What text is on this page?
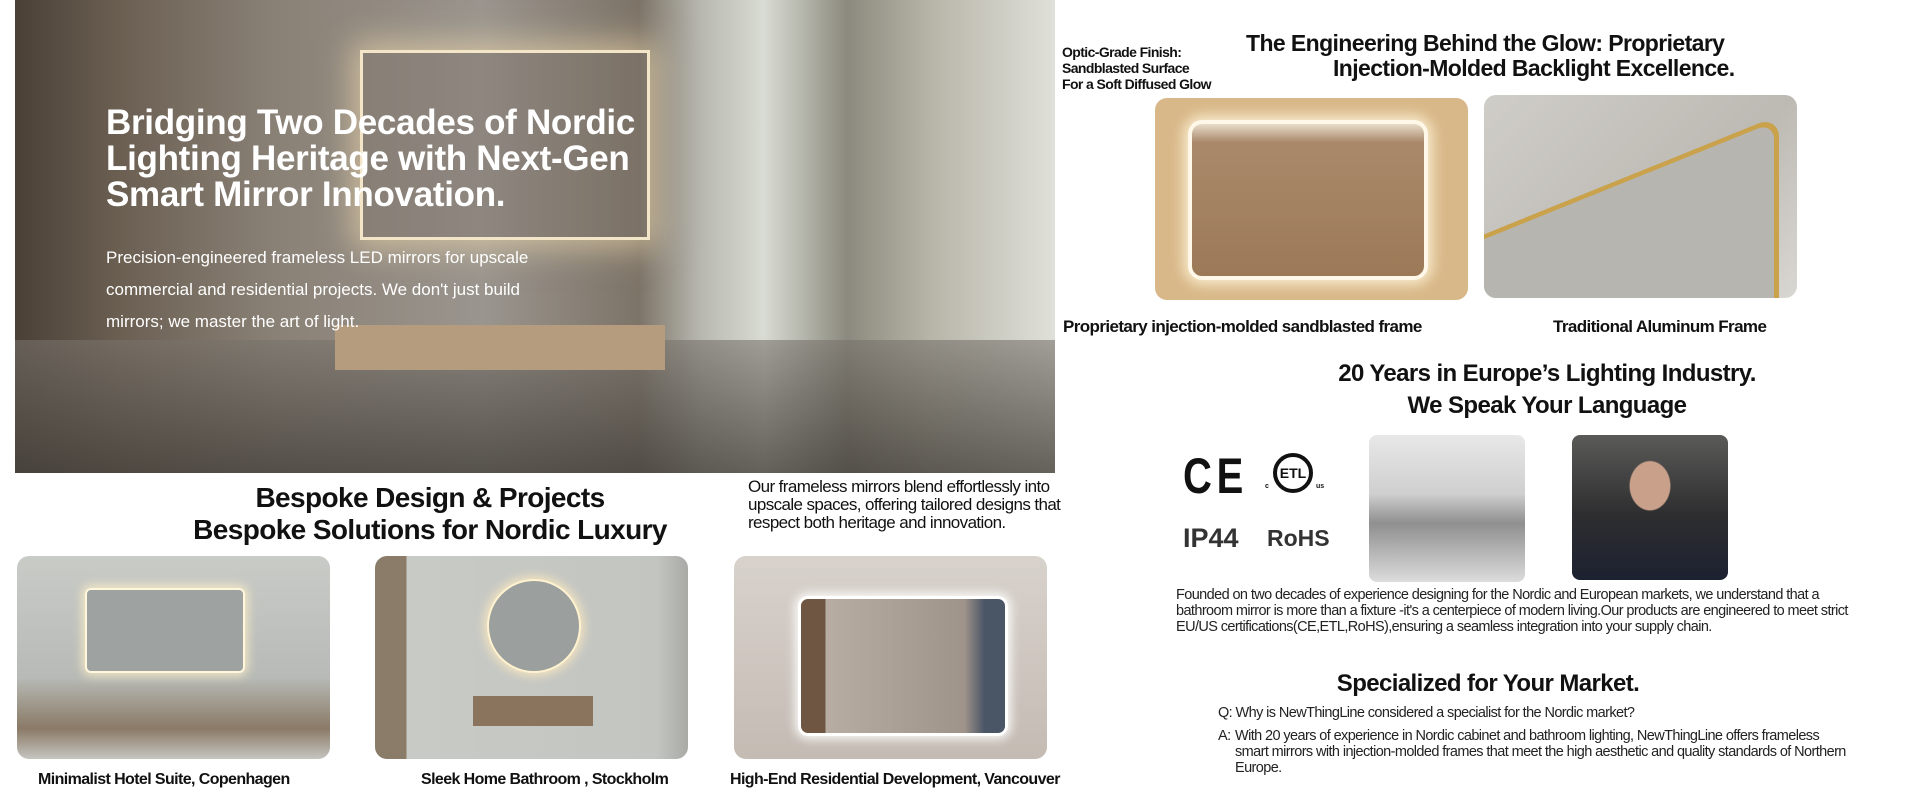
Bridging Two Decades of Nordic Lighting Heritage with Next-Gen Smart Mirror Innovation.

Precision-engineered frameless LED mirrors for upscale commercial and residential projects. We don't just build mirrors; we master the art of light.

Optic-Grade Finish:
Sandblasted Surface
For a Soft Diffused Glow
The Engineering Behind the Glow: Proprietary
Injection-Molded Backlight Excellence.
Proprietary injection-molded sandblasted frame	Traditional Aluminum Frame
20 Years in Europe’s Lighting Industry.
We Speak Your Language
CE	ETL
c	us
IP44 RoHS

Founded on two decades of experience designing for the Nordic and European markets, we understand that a bathroom mirror is more than a fixture -it's a centerpiece of modern living.Our products are engineered to meet strict EU/US certifications(CE,ETL,RoHS),ensuring a seamless integration into your supply chain.

Specialized for Your Market.
Q: Why is NewThingLine considered a specialist for the Nordic market?
A: With 20 years of experience in Nordic cabinet and bathroom lighting, NewThingLine offers frameless smart mirrors with injection-molded frames that meet the high aesthetic and quality standards of Northern Europe.

Bespoke Design & Projects
Bespoke Solutions for Nordic Luxury

Our frameless mirrors blend effortlessly into upscale spaces, offering tailored designs that respect both heritage and innovation.

Minimalist Hotel Suite, Copenhagen	Sleek Home Bathroom , Stockholm	High-End Residential Development, Vancouver
